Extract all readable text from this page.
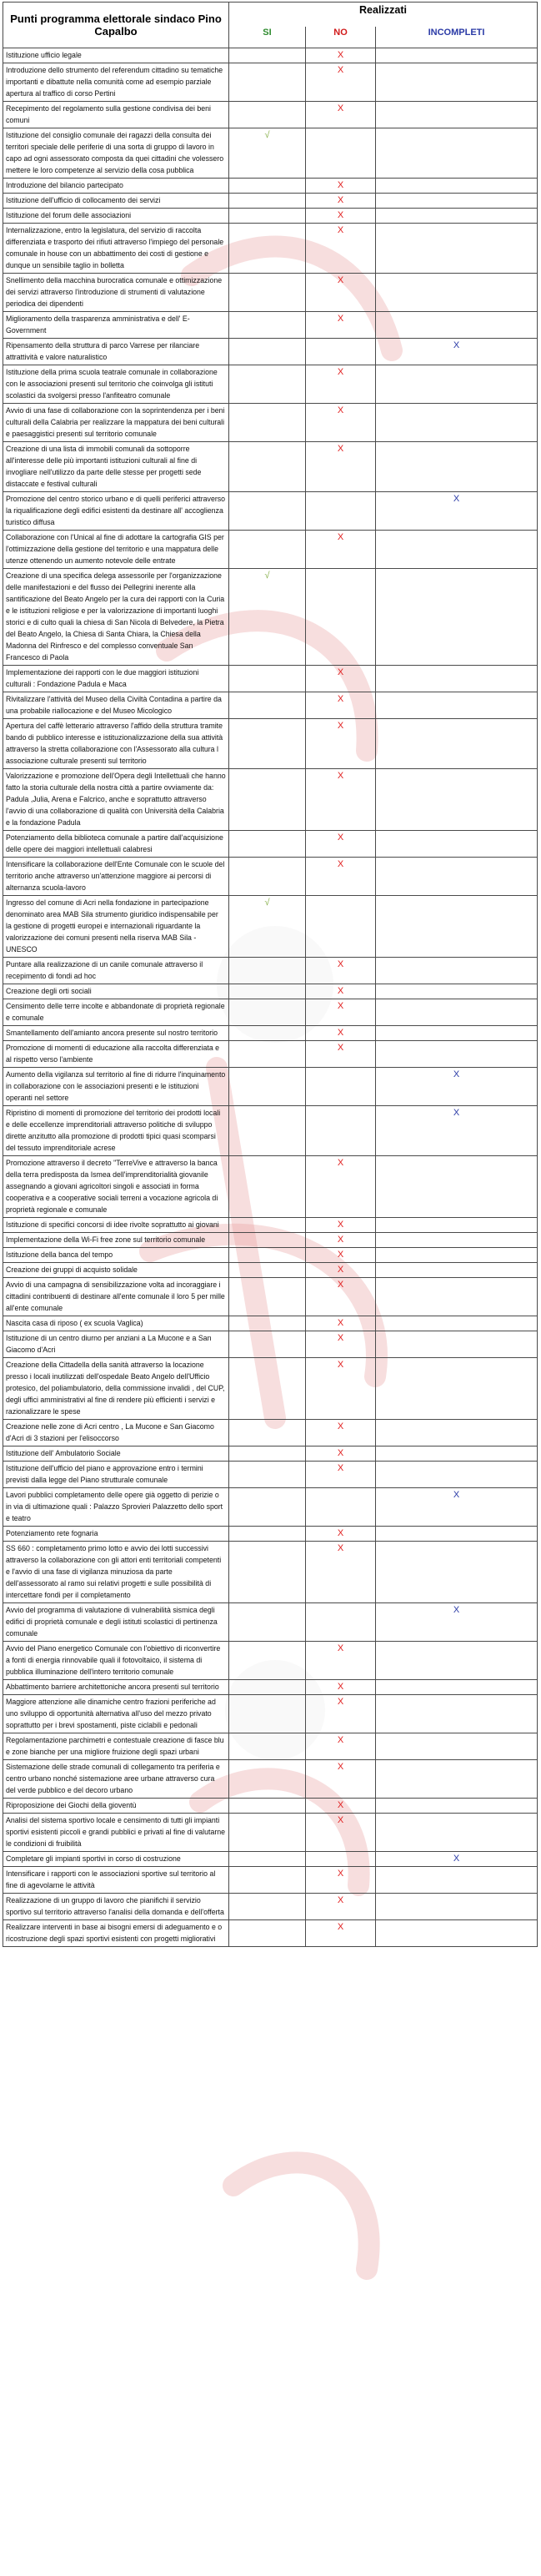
Punti programma elettorale sindaco Pino Capalbo	Realizzati		
	SI	NO	INCOMPLETI
Istituzione ufficio legale		X	
Introduzione dello strumento del referendum cittadino su tematiche importanti e dibattute nella comunità come ad esempio parziale apertura al traffico di corso Pertini		X	
Recepimento del regolamento sulla gestione condivisa dei beni comuni		X	
Istituzione del consiglio comunale dei ragazzi della consulta dei territori speciale delle periferie di una sorta di gruppo di lavoro in capo ad ogni assessorato composta da quei cittadini che volessero mettere le loro competenze al servizio della cosa pubblica	√		
Introduzione del bilancio partecipato		X	
Istituzione dell'ufficio di collocamento dei servizi		X	
Istituzione del forum delle associazioni		X	
Internalizzazione, entro la legislatura, del servizio di raccolta differenziata e trasporto dei rifiuti attraverso l'impiego del personale comunale in house con un abbattimento dei costi di gestione e dunque un sensibile taglio in bolletta		X	
Snellimento della macchina burocratica comunale e ottimizzazione dei servizi attraverso l'introduzione di strumenti di valutazione periodica dei dipendenti		X	
Miglioramento della trasparenza amministrativa e dell' E-Government		X	
Ripensamento della struttura di parco Varrese per rilanciare attrattività e valore naturalistico			X
Istituzione della prima scuola teatrale comunale in collaborazione con le associazioni presenti sul territorio che coinvolga gli istituti scolastici da svolgersi presso l'anfiteatro comunale		X	
Avvio di una fase di collaborazione con la soprintendenza per i beni culturali della Calabria per realizzare la mappatura dei beni culturali e paesaggistici presenti sul territorio comunale		X	
Creazione di una lista di immobili comunali da sottoporre all'interesse delle più importanti istituzioni culturali al fine di invogliare nell'utilizzo da parte delle stesse per progetti sede distaccate e festival culturali		X	
Promozione del centro storico urbano e di quelli periferici attraverso la riqualificazione degli edifici esistenti da destinare all' accoglienza turistico diffusa			X
Collaborazione con l'Unical al fine di adottare la cartografia GIS per l'ottimizzazione della gestione del territorio e una mappatura delle utenze ottenendo un aumento notevole delle entrate		X	
Creazione di una specifica delega assessorile per l'organizzazione delle manifestazioni e del flusso dei Pellegrini inerente alla santificazione del Beato Angelo per la cura dei rapporti con la Curia e le istituzioni religiose e per la valorizzazione di importanti luoghi storici e di culto quali la chiesa di San Nicola di Belvedere, la Pietra del Beato Angelo, la Chiesa di Santa Chiara, la Chiesa della Madonna del Rinfresco e del complesso conventuale San Francesco di Paola	√		
Implementazione dei rapporti con le due maggiori istituzioni culturali : Fondazione Padula e Maca		X	
Rivitalizzare l'attività del Museo della Civiltà Contadina a partire da una probabile riallocazione e del Museo Micologico		X	
Apertura del caffè letterario attraverso l'affido della struttura tramite bando di pubblico interesse e istituzionalizzazione della sua attività attraverso la stretta collaborazione con l'Assessorato alla cultura l associazione culturale presenti sul territorio		X	
Valorizzazione e promozione dell'Opera degli Intellettuali che hanno fatto la storia culturale della nostra città a partire ovviamente da: Padula ,Julia, Arena e Falcrico, anche e soprattutto attraverso l'avvio di una collaborazione di qualità con Università della Calabria e la fondazione Padula		X	
Potenziamento della biblioteca comunale a partire dall'acquisizione delle opere dei maggiori intellettuali calabresi		X	
Intensificare la collaborazione dell'Ente Comunale con le scuole del territorio anche attraverso un'attenzione maggiore ai percorsi di alternanza scuola-lavoro		X	
Ingresso del comune di Acri nella fondazione in partecipazione denominato area MAB Sila strumento giuridico indispensabile per la gestione di progetti europei e internazionali riguardante la valorizzazione dei comuni presenti nella riserva MAB Sila - UNESCO	√		
Puntare alla realizzazione di un canile comunale attraverso il recepimento di fondi ad hoc		X	
Creazione degli orti sociali		X	
Censimento delle terre incolte e abbandonate di proprietà regionale e comunale		X	
Smantellamento dell'amianto ancora presente sul nostro territorio		X	
Promozione di momenti di educazione alla raccolta differenziata e al rispetto verso l'ambiente		X	
Aumento della vigilanza sul territorio al fine di ridurre l'inquinamento in collaborazione con le associazioni presenti e le istituzioni operanti nel settore			X
Ripristino di momenti di promozione del territorio dei prodotti locali e delle eccellenze imprenditoriali attraverso politiche di sviluppo dirette anzitutto alla promozione di prodotti tipici quasi scomparsi del tessuto imprenditoriale acrese			X
Promozione attraverso il decreto "TerreVive e attraverso la banca della terra predisposta da Ismea dell'imprenditorialità giovanile assegnando a giovani agricoltori singoli e associati in forma cooperativa e a cooperative sociali terreni a vocazione agricola di proprietà regionale e comunale		X	
Istituzione di specifici concorsi di idee rivolte soprattutto ai giovani		X	
Implementazione della Wi-Fi free zone sul territorio comunale		X	
Istituzione della banca del tempo		X	
Creazione dei gruppi di acquisto solidale		X	
Avvio di una campagna di sensibilizzazione volta ad incoraggiare i cittadini contribuenti di destinare all'ente comunale il loro 5 per mille all'ente comunale		X	
Nascita casa di riposo ( ex scuola Vaglica)		X	
Istituzione di un centro diurno per anziani a La Mucone e a San Giacomo d'Acri		X	
Creazione della Cittadella della sanità attraverso la locazione presso i locali inutilizzati dell'ospedale Beato Angelo dell'Ufficio protesico, del poliambulatorio, della commissione invalidi , del CUP, degli uffici amministrativi al fine di rendere più efficienti i servizi e razionalizzare le spese		X	
Creazione nelle zone di Acri centro , La Mucone e San Giacomo d'Acri di 3 stazioni per l'elisoccorso		X	
Istituzione dell' Ambulatorio Sociale		X	
Istituzione dell'ufficio del piano e approvazione entro i termini previsti dalla legge del Piano strutturale comunale		X	
Lavori pubblici completamento delle opere già oggetto di perizie o in via di ultimazione quali : Palazzo Sprovieri Palazzetto dello sport e teatro			X
Potenziamento rete fognaria		X	
SS 660 : completamento primo lotto e avvio dei lotti successivi attraverso la collaborazione con gli attori enti territoriali competenti e l'avvio di una fase di vigilanza minuziosa da parte dell'assessorato al ramo sui relativi progetti e sulle possibilità di intercettare fondi per il completamento		X	
Avvio del programma di valutazione di vulnerabilità sismica degli edifici di proprietà comunale e degli istituti scolastici di pertinenza comunale			X
Avvio del Piano energetico Comunale con l'obiettivo di riconvertire a fonti di energia rinnovabile quali il fotovoltaico, il sistema di pubblica illuminazione dell'intero territorio comunale		X	
Abbattimento barriere architettoniche ancora presenti sul territorio		X	
Maggiore attenzione alle dinamiche centro frazioni periferiche ad uno sviluppo di opportunità alternativa all'uso del mezzo privato soprattutto per i brevi spostamenti, piste ciclabili e pedonali		X	
Regolamentazione parchimetri e contestuale creazione di fasce blu e zone bianche per una migliore fruizione degli spazi urbani		X	
Sistemazione delle strade comunali di collegamento tra periferia e centro urbano nonché sistemazione aree urbane attraverso cura del verde pubblico e del decoro urbano		X	
Riproposizione dei Giochi della gioventù		X	
Analisi del sistema sportivo locale e censimento di tutti gli impianti sportivi esistenti piccoli e grandi pubblici e privati al fine di valutarne le condizioni di fruibilità		X	
Completare gli impianti sportivi in corso di costruzione			X
Intensificare i rapporti con le associazioni sportive sul territorio al fine di agevolarne le attività		X	
Realizzazione di un gruppo di lavoro che pianifichi il servizio sportivo sul territorio attraverso l'analisi della domanda e dell'offerta		X	
Realizzare interventi in base ai bisogni emersi di adeguamento e o ricostruzione degli spazi sportivi esistenti con progetti migliorativi		X	
